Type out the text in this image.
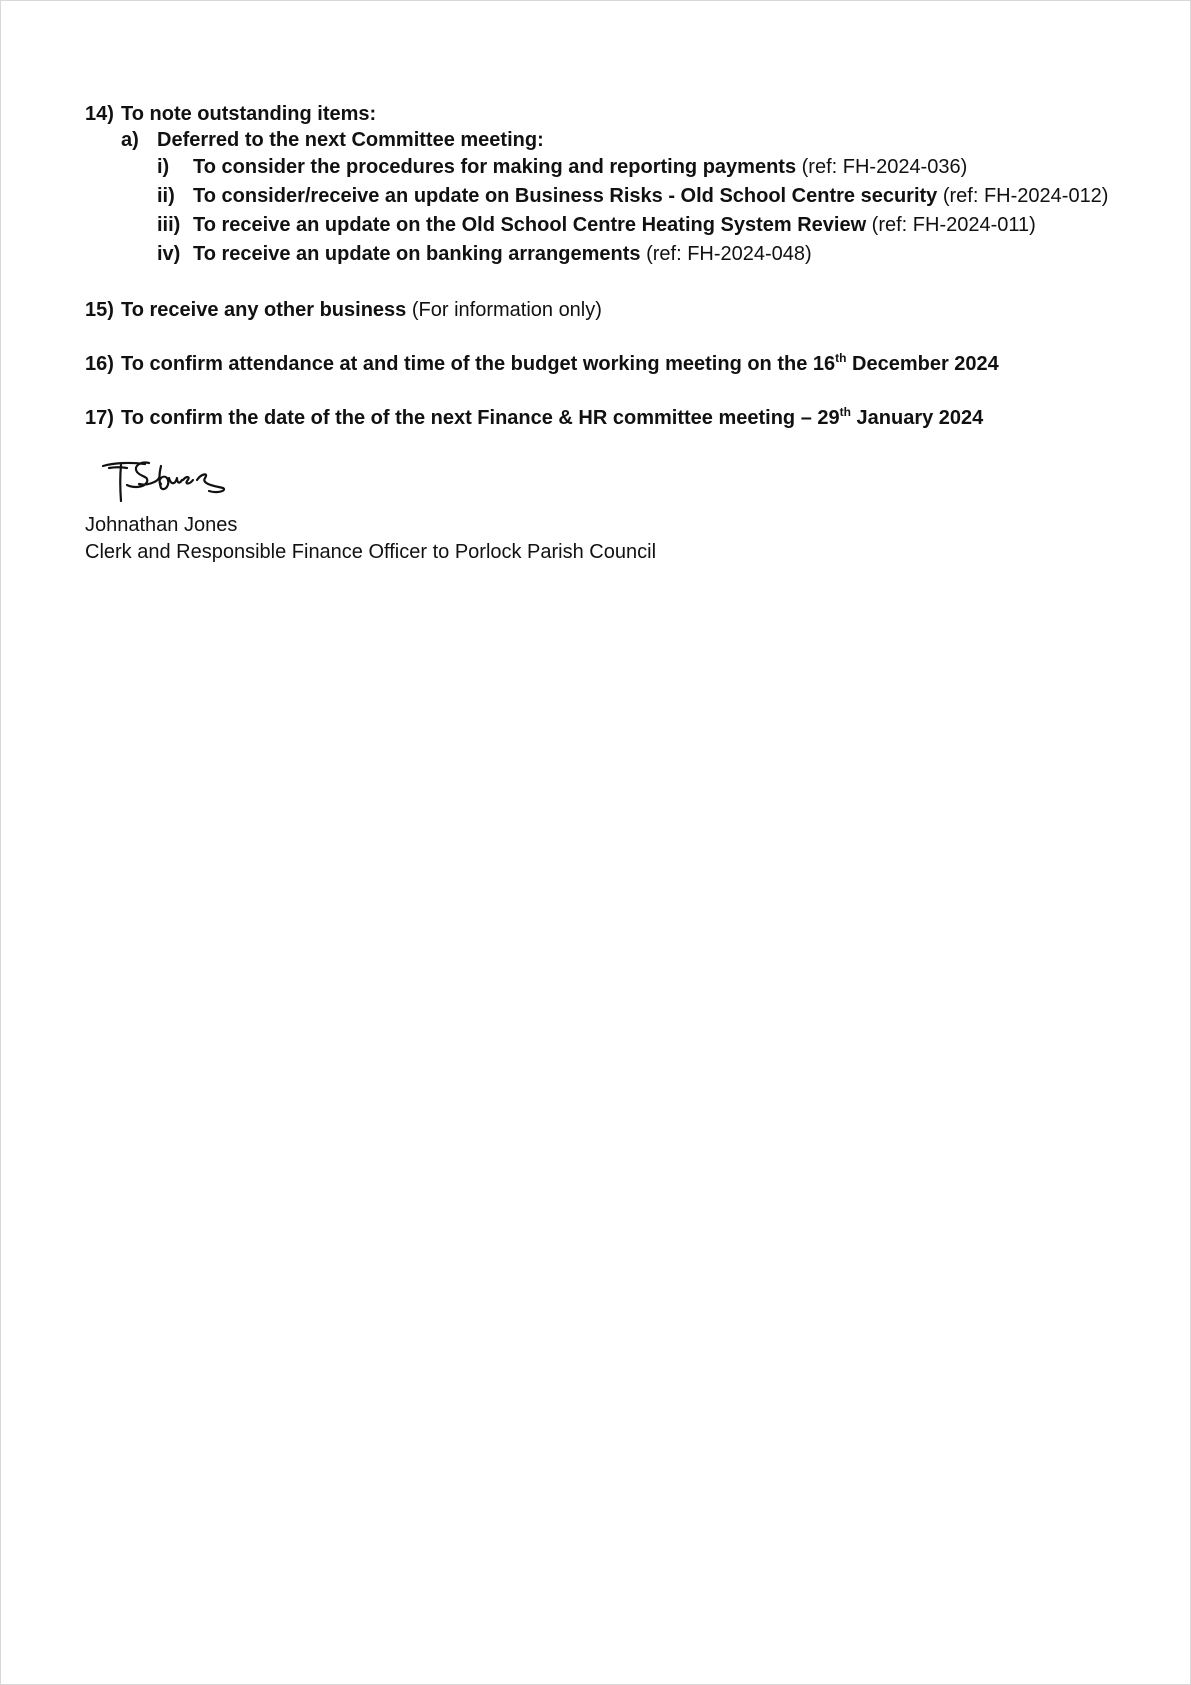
14) To note outstanding items:
a) Deferred to the next Committee meeting:
i) To consider the procedures for making and reporting payments (ref: FH-2024-036)
ii) To consider/receive an update on Business Risks - Old School Centre security (ref: FH-2024-012)
iii) To receive an update on the Old School Centre Heating System Review (ref: FH-2024-011)
iv) To receive an update on banking arrangements (ref: FH-2024-048)
15) To receive any other business (For information only)
16) To confirm attendance at and time of the budget working meeting on the 16th December 2024
17) To confirm the date of the of the next Finance & HR committee meeting – 29th January 2024
Johnathan Jones
Clerk and Responsible Finance Officer to Porlock Parish Council
